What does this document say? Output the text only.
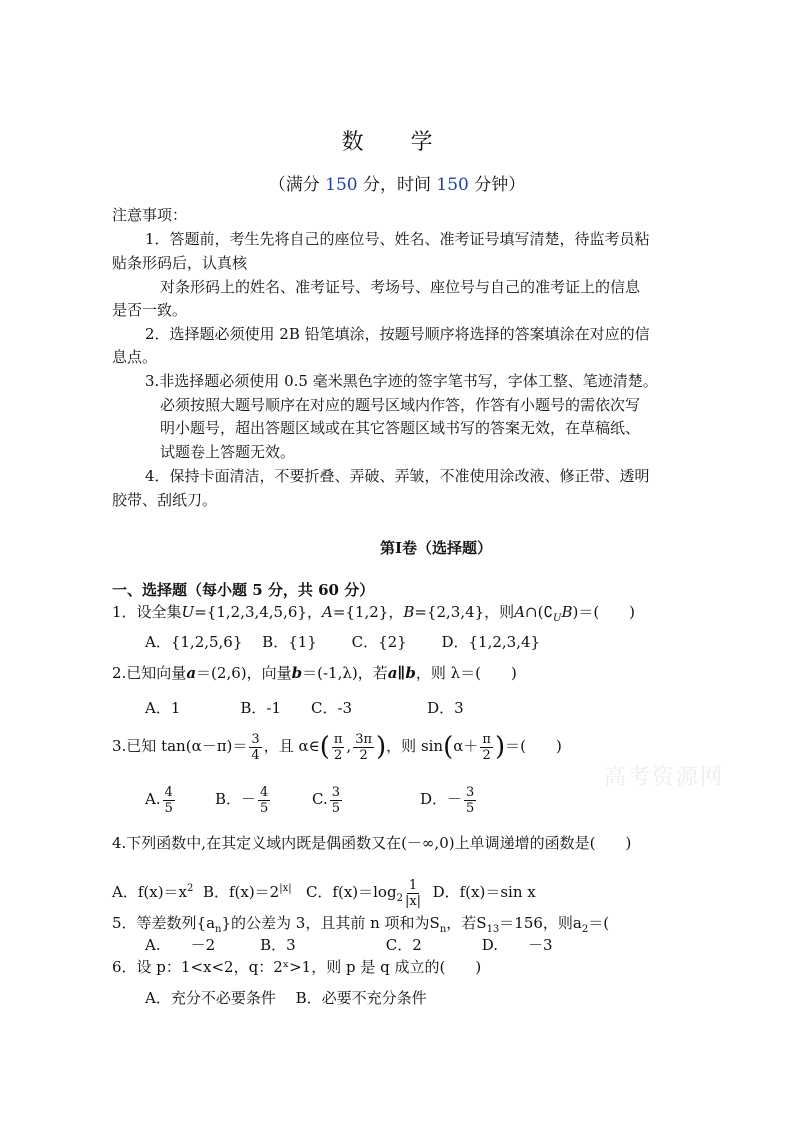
数 学
（满分 150 分，时间 150 分钟）
注意事项：
1．答题前，考生先将自己的座位号、姓名、准考证号填写清楚，待监考员粘
贴条形码后，认真核
对条形码上的姓名、准考证号、考场号、座位号与自己的准考证上的信息
是否一致。
2．选择题必须使用 2B 铅笔填涂，按题号顺序将选择的答案填涂在对应的信
息点。
3.非选择题必须使用 0.5 毫米黑色字迹的签字笔书写，字体工整、笔迹清楚。
必须按照大题号顺序在对应的题号区域内作答，作答有小题号的需依次写
明小题号，超出答题区域或在其它答题区域书写的答案无效，在草稿纸、
试题卷上答题无效。
4．保持卡面清洁，不要折叠、弄破、弄皱，不准使用涂改液、修正带、透明
胶带、刮纸刀。
第Ⅰ卷（选择题）
一、选择题（每小题 5 分，共 60 分）
1．设全集U={1,2,3,4,5,6}，A={1,2}，B={2,3,4}，则$A\cap(∁_UB)=$(　　)
A．{1,2,5,6}　 B．{1}　 　C．{2}　 　D．{1,2,3,4}
2.已知向量a＝(2,6)，向量b＝(-1,λ)，若a∥b，则 λ＝(　　)
A．1　　　　B．-1　　C．-3　　　　　D．3
3.已知 $\tan(\alpha-\pi)= \frac{3}{4}$ ，且 α∈( $\frac{\pi}{2}$ , $\frac{3\pi}{2}$ )，则 $\sin(\alpha+ \frac{\pi}{2}$ )＝(　　)
A. $\frac{4}{5}$	B．－ $\frac{4}{5}$	C. $\frac{3}{5}$	D．－ $\frac{3}{5}$
4.下列函数中,在其定义域内既是偶函数又在(－∞,0)上单调递增的函数是(　　)
A．$f(x)=x^2$ B．$f(x)=2^{|x|}$ C．$f(x)=\log_2 \frac{1}{|x|}$ D．f(x)＝sin x
5．等差数列$\{a_n\}$的公差为 3，且其前 n 项和为$S_n$，若$S_{13}=156$，则$a_2=$(
A.　　－2　　　B．3　　　　　　C．2　　　　D.　　－3
6．设 p：1<x<2，q：2ˣ>1，则 p 是 q 成立的(　　)
A．充分不必要条件　 B．必要不充分条件
高考资源网
